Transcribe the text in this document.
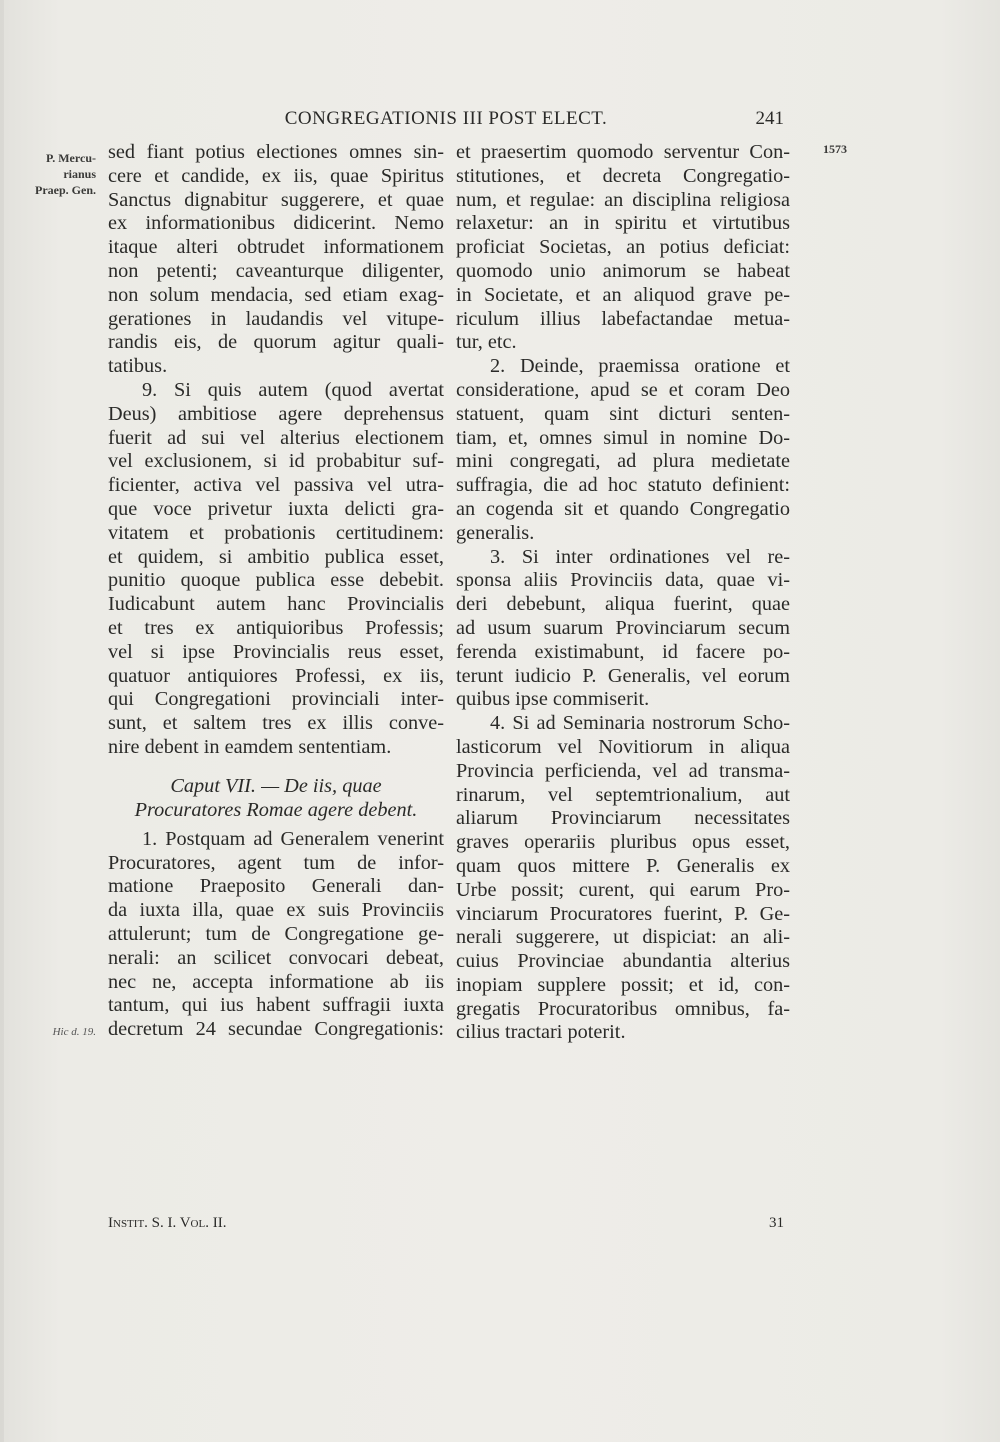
CONGREGATIONIS III POST ELECT.	241
P. Mercu-
rianus
Praep. Gen.
Hic d. 19.
1573

sed fiant potius electiones omnes sin-

cere et candide, ex iis, quae Spiritus

Sanctus dignabitur suggerere, et quae

ex informationibus didicerint. Nemo

itaque alteri obtrudet informationem

non petenti; caveanturque diligenter,

non solum mendacia, sed etiam exag-

gerationes in laudandis vel vitupe-

randis eis, de quorum agitur quali-

tatibus.

9. Si quis autem (quod avertat

Deus) ambitiose agere deprehensus

fuerit ad sui vel alterius electionem

vel exclusionem, si id probabitur suf-

ficienter, activa vel passiva vel utra-

que voce privetur iuxta delicti gra-

vitatem et probationis certitudinem:

et quidem, si ambitio publica esset,

punitio quoque publica esse debebit.

Iudicabunt autem hanc Provincialis

et tres ex antiquioribus Professis;

vel si ipse Provincialis reus esset,

quatuor antiquiores Professi, ex iis,

qui Congregationi provinciali inter-

sunt, et saltem tres ex illis conve-

nire debent in eamdem sententiam.

Caput VII. — De iis, quae
Procuratores Romae agere debent.

1. Postquam ad Generalem venerint

Procuratores, agent tum de infor-

matione Praeposito Generali dan-

da iuxta illa, quae ex suis Provinciis

attulerunt; tum de Congregatione ge-

nerali: an scilicet convocari debeat,

nec ne, accepta informatione ab iis

tantum, qui ius habent suffragii iuxta

decretum 24 secundae Congregationis:

et praesertim quomodo serventur Con-

stitutiones, et decreta Congregatio-

num, et regulae: an disciplina religiosa

relaxetur: an in spiritu et virtutibus

proficiat Societas, an potius deficiat:

quomodo unio animorum se habeat

in Societate, et an aliquod grave pe-

riculum illius labefactandae metua-

tur, etc.

2. Deinde, praemissa oratione et

consideratione, apud se et coram Deo

statuent, quam sint dicturi senten-

tiam, et, omnes simul in nomine Do-

mini congregati, ad plura medietate

suffragia, die ad hoc statuto definient:

an cogenda sit et quando Congregatio

generalis.

3. Si inter ordinationes vel re-

sponsa aliis Provinciis data, quae vi-

deri debebunt, aliqua fuerint, quae

ad usum suarum Provinciarum secum

ferenda existimabunt, id facere po-

terunt iudicio P. Generalis, vel eorum

quibus ipse commiserit.

4. Si ad Seminaria nostrorum Scho-

lasticorum vel Novitiorum in aliqua

Provincia perficienda, vel ad transma-

rinarum, vel septemtrionalium, aut

aliarum Provinciarum necessitates

graves operariis pluribus opus esset,

quam quos mittere P. Generalis ex

Urbe possit; curent, qui earum Pro-

vinciarum Procuratores fuerint, P. Ge-

nerali suggerere, ut dispiciat: an ali-

cuius Provinciae abundantia alterius

inopiam supplere possit; et id, con-

gregatis Procuratoribus omnibus, fa-

cilius tractari poterit.

Instit. S. I. Vol. II.	31
